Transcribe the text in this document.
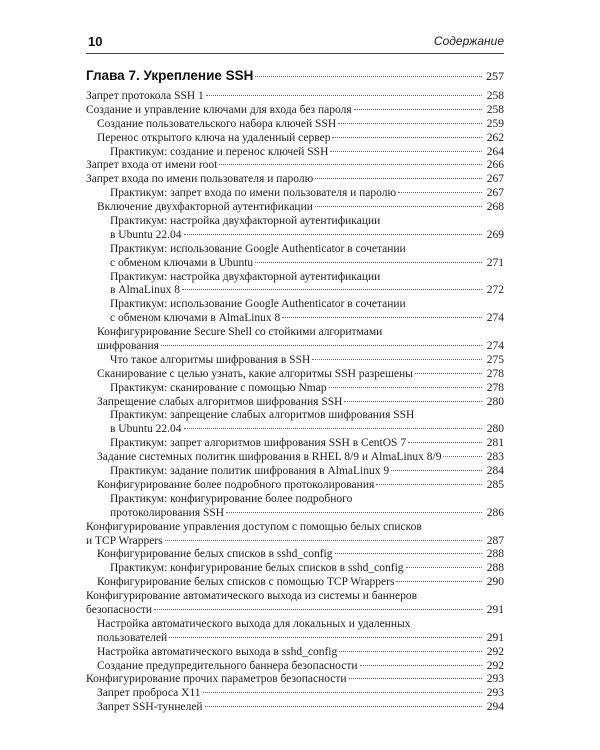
10	Содержание
Глава 7. Укрепление SSH	257
Запрет протокола SSH 1	258
Создание и управление ключами для входа без пароля	258
Создание пользовательского набора ключей SSH	259
Перенос открытого ключа на удаленный сервер	262
Практикум: создание и перенос ключей SSH	264
Запрет входа от имени root	266
Запрет входа по имени пользователя и паролю	267
Практикум: запрет входа по имени пользователя и паролю	267
Включение двухфакторной аутентификации	268
Практикум: настройка двухфакторной аутентификации
в Ubuntu 22.04	269
Практикум: использование Google Authenticator в сочетании
с обменом ключами в Ubuntu	271
Практикум: настройка двухфакторной аутентификации
в AlmaLinux 8	272
Практикум: использование Google Authenticator в сочетании
с обменом ключами в AlmaLinux 8	274
Конфигурирование Secure Shell со стойкими алгоритмами
шифрования	274
Что такое алгоритмы шифрования в SSH	275
Сканирование с целью узнать, какие алгоритмы SSH разрешены	278
Практикум: сканирование с помощью Nmap	278
Запрещение слабых алгоритмов шифрования SSH	280
Практикум: запрещение слабых алгоритмов шифрования SSH
в Ubuntu 22.04	280
Практикум: запрет алгоритмов шифрования SSH в CentOS 7	281
Задание системных политик шифрования в RHEL 8/9 и AlmaLinux 8/9	283
Практикум: задание политик шифрования в AlmaLinux 9	284
Конфигурирование более подробного протоколирования	285
Практикум: конфигурирование более подробного
протоколирования SSH	286
Конфигурирование управления доступом с помощью белых списков
и TCP Wrappers	287
Конфигурирование белых списков в sshd_config	288
Практикум: конфигурирование белых списков в sshd_config	288
Конфигурирование белых списков с помощью TCP Wrappers	290
Конфигурирование автоматического выхода из системы и баннеров
безопасности	291
Настройка автоматического выхода для локальных и удаленных
пользователей	291
Настройка автоматического выхода в sshd_config	292
Создание предупредительного баннера безопасности	292
Конфигурирование прочих параметров безопасности	293
Запрет проброса X11	293
Запрет SSH-туннелей	294
